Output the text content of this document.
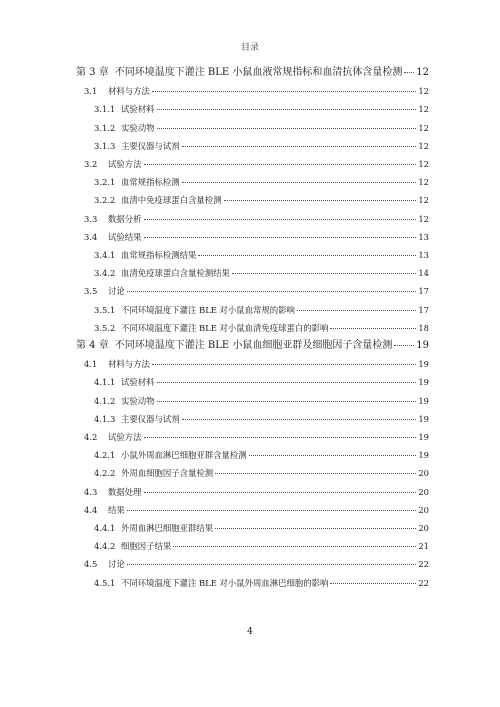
目录
第 3 章 不同环境温度下灌注 BLE 小鼠血液常规指标和血清抗体含量检测 12
3.1	材料与方法	12
3.1.1 试验材料	12
3.1.2 实验动物	12
3.1.3 主要仪器与试剂	12
3.2	试验方法	12
3.2.1 血常规指标检测	12
3.2.2 血清中免疫球蛋白含量检测	12
3.3	数据分析	12
3.4	试验结果	13
3.4.1 血常规指标检测结果	13
3.4.2 血清免疫球蛋白含量检测结果	14
3.5	讨论	17
3.5.1 不同环境温度下灌注 BLE 对小鼠血常规的影响	17
3.5.2 不同环境温度下灌注 BLE 对小鼠血清免疫球蛋白的影响	18
第 4 章 不同环境温度下灌注 BLE 小鼠血细胞亚群及细胞因子含量检测 19
4.1	材料与方法	19
4.1.1 试验材料	19
4.1.2 实验动物	19
4.1.3 主要仪器与试剂	19
4.2	试验方法	19
4.2.1 小鼠外周血淋巴细胞亚群含量检测	19
4.2.2 外周血细胞因子含量检测	20
4.3	数据处理	20
4.4	结果	20
4.4.1 外周血淋巴细胞亚群结果	20
4.4.2 细胞因子结果	21
4.5	讨论	22
4.5.1 不同环境温度下灌注 BLE 对小鼠外周血淋巴细胞的影响	22
4
